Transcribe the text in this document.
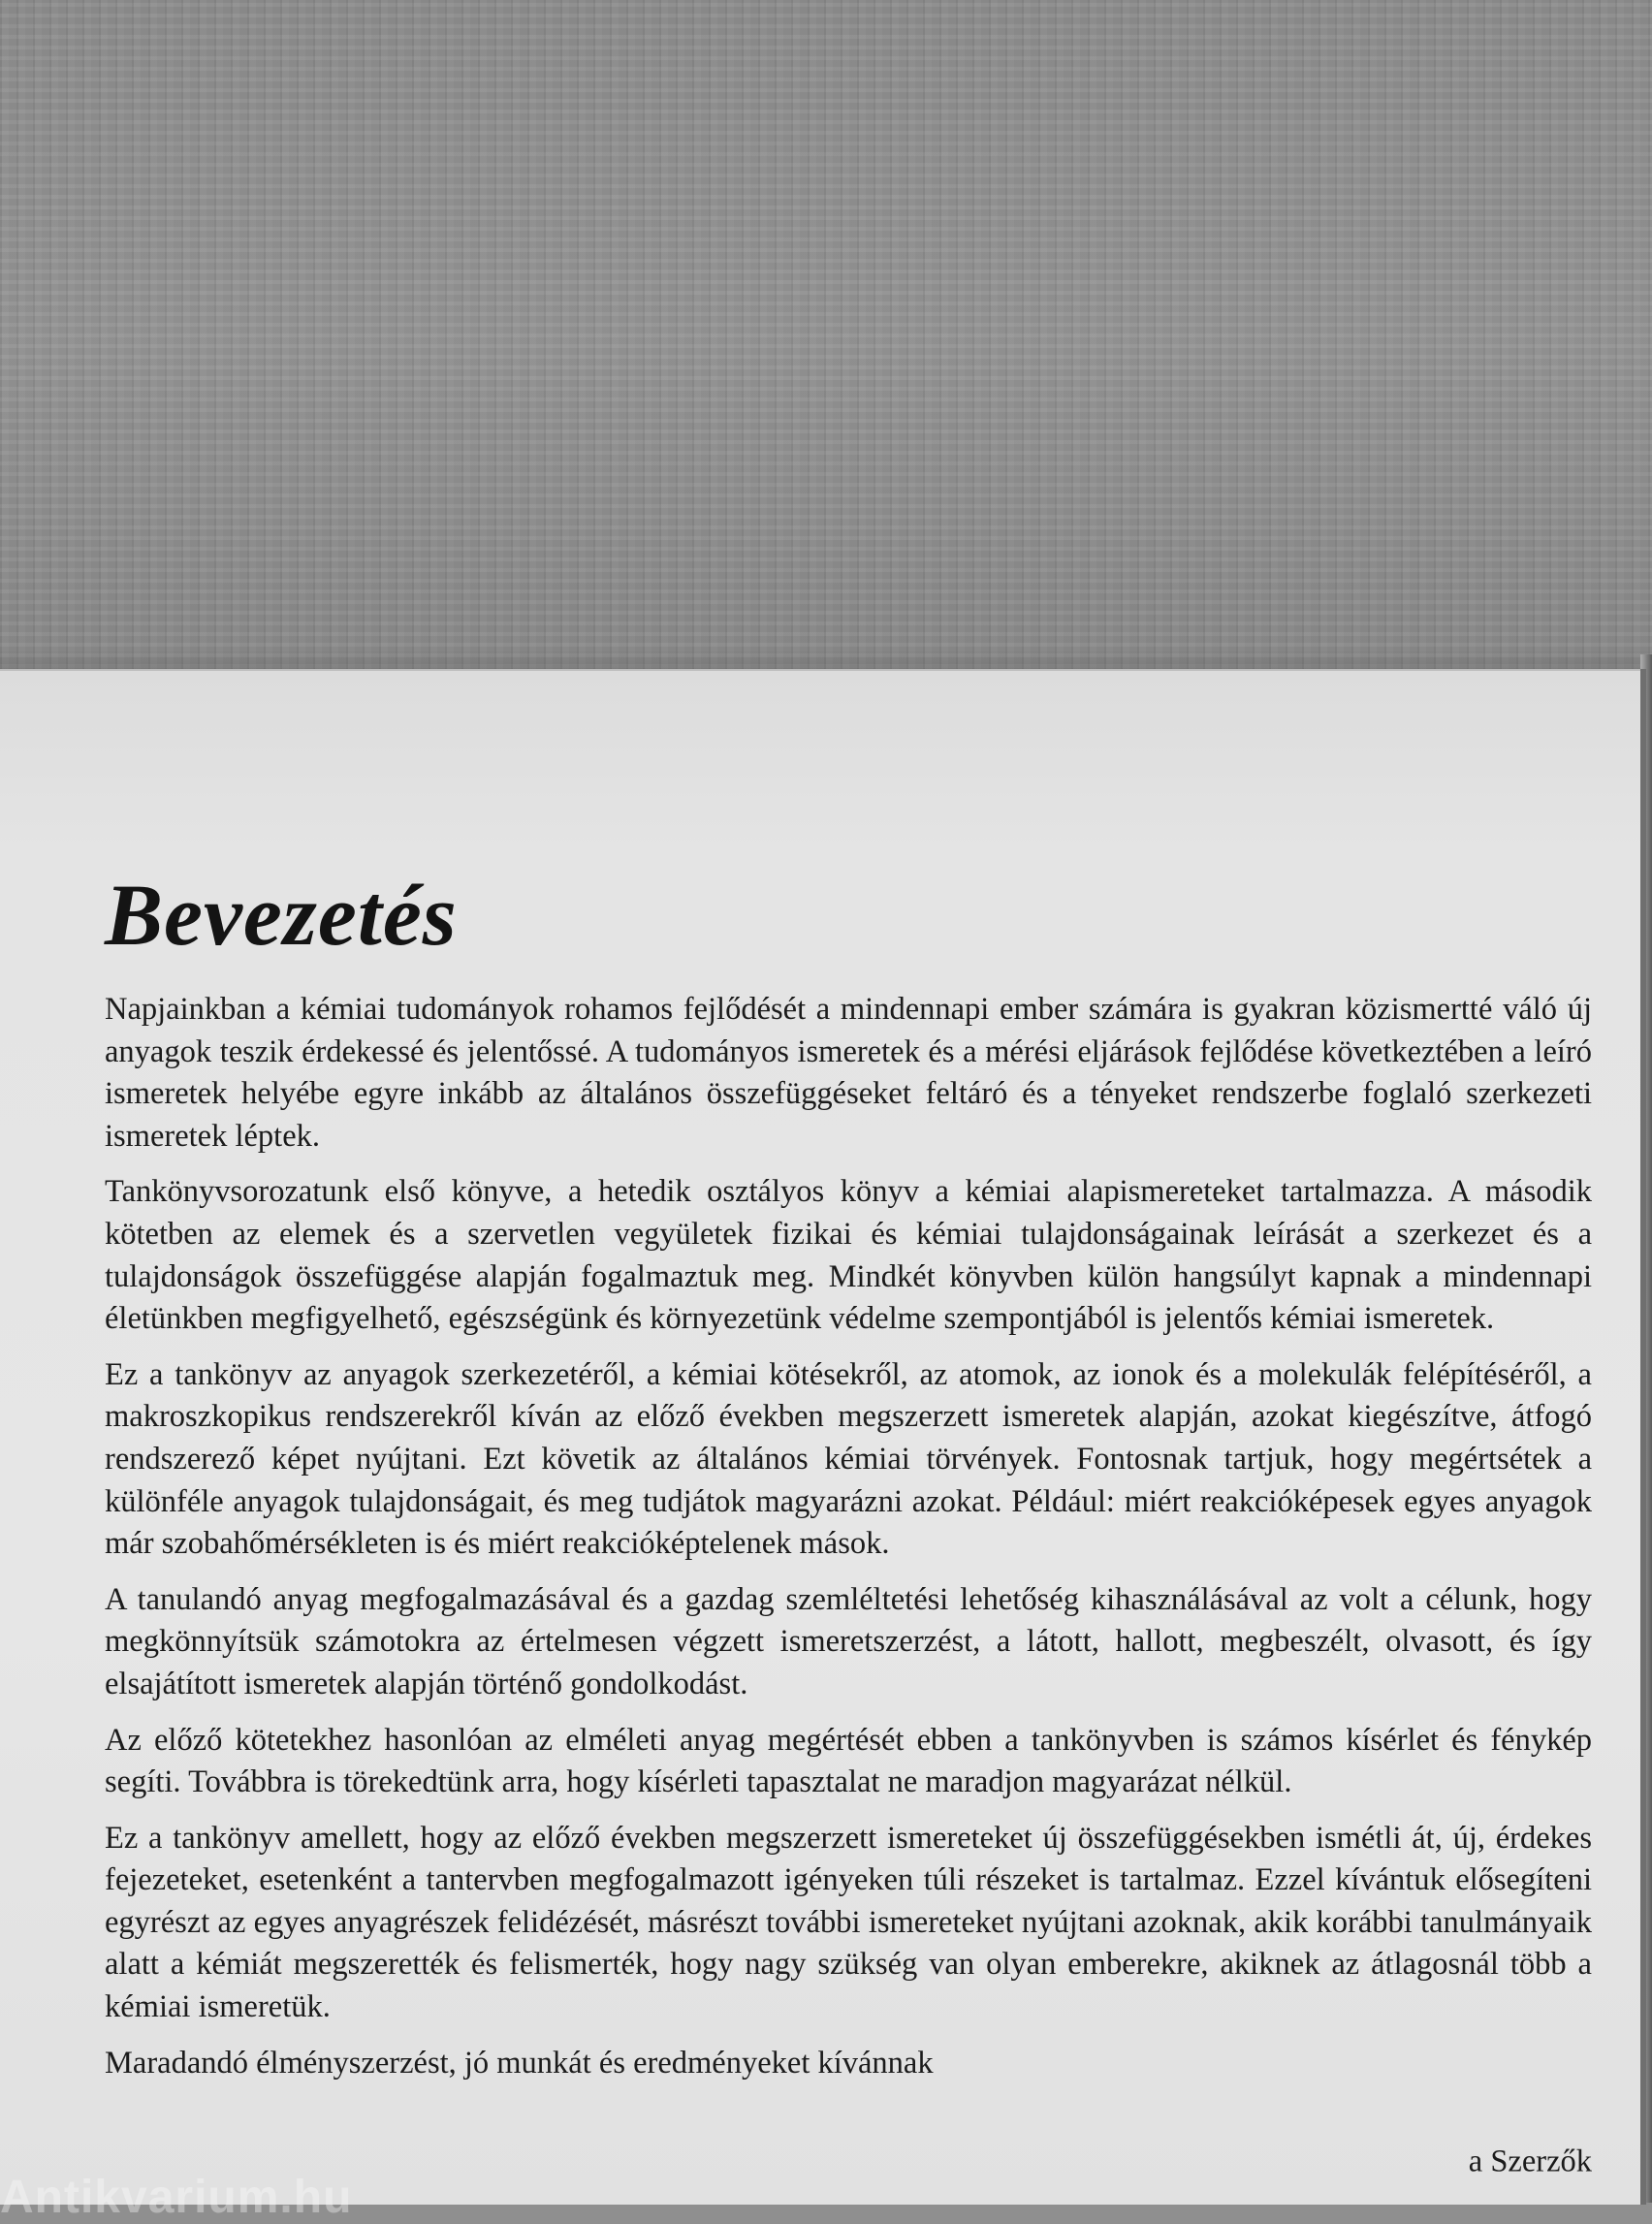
Bevezetés

Napjainkban a kémiai tudományok rohamos fejlődését a mindennapi ember számára is gyakran közismertté váló új anyagok teszik érdekessé és jelentőssé. A tudományos ismeretek és a mérési eljárások fejlődése következtében a leíró ismeretek helyébe egyre inkább az általános összefüggéseket feltáró és a tényeket rendszerbe foglaló szerkezeti ismeretek léptek.

Tankönyvsorozatunk első könyve, a hetedik osztályos könyv a kémiai alapismereteket tartalmazza. A második kötetben az elemek és a szervetlen vegyületek fizikai és kémiai tulajdonságainak leírását a szerkezet és a tulajdonságok összefüggése alapján fogalmaztuk meg. Mindkét könyvben külön hangsúlyt kapnak a mindennapi életünkben megfigyelhető, egészségünk és környezetünk védelme szempontjából is jelentős kémiai ismeretek.

Ez a tankönyv az anyagok szerkezetéről, a kémiai kötésekről, az atomok, az ionok és a molekulák felépítéséről, a makroszkopikus rendszerekről kíván az előző években megszerzett ismeretek alapján, azokat kiegészítve, átfogó rendszerező képet nyújtani. Ezt követik az általános kémiai törvények. Fontosnak tartjuk, hogy megértsétek a különféle anyagok tulajdonságait, és meg tudjátok magyarázni azokat. Például: miért reakcióképesek egyes anyagok már szobahőmérsékleten is és miért reakcióképtelenek mások.

A tanulandó anyag megfogalmazásával és a gazdag szemléltetési lehetőség kihasználásával az volt a célunk, hogy megkönnyítsük számotokra az értelmesen végzett ismeretszerzést, a látott, hallott, megbeszélt, olvasott, és így elsajátított ismeretek alapján történő gondolkodást.

Az előző kötetekhez hasonlóan az elméleti anyag megértését ebben a tankönyvben is számos kísérlet és fénykép segíti. Továbbra is törekedtünk arra, hogy kísérleti tapasztalat ne maradjon magyarázat nélkül.

Ez a tankönyv amellett, hogy az előző években megszerzett ismereteket új összefüggésekben ismétli át, új, érdekes fejezeteket, esetenként a tantervben megfogalmazott igényeken túli részeket is tartalmaz. Ezzel kívántuk elősegíteni egyrészt az egyes anyagrészek felidézését, másrészt további ismereteket nyújtani azoknak, akik korábbi tanulmányaik alatt a kémiát megszerették és felismerték, hogy nagy szükség van olyan emberekre, akiknek az átlagosnál több a kémiai ismeretük.

Maradandó élményszerzést, jó munkát és eredményeket kívánnak

a Szerzők
Antikvarium.hu
